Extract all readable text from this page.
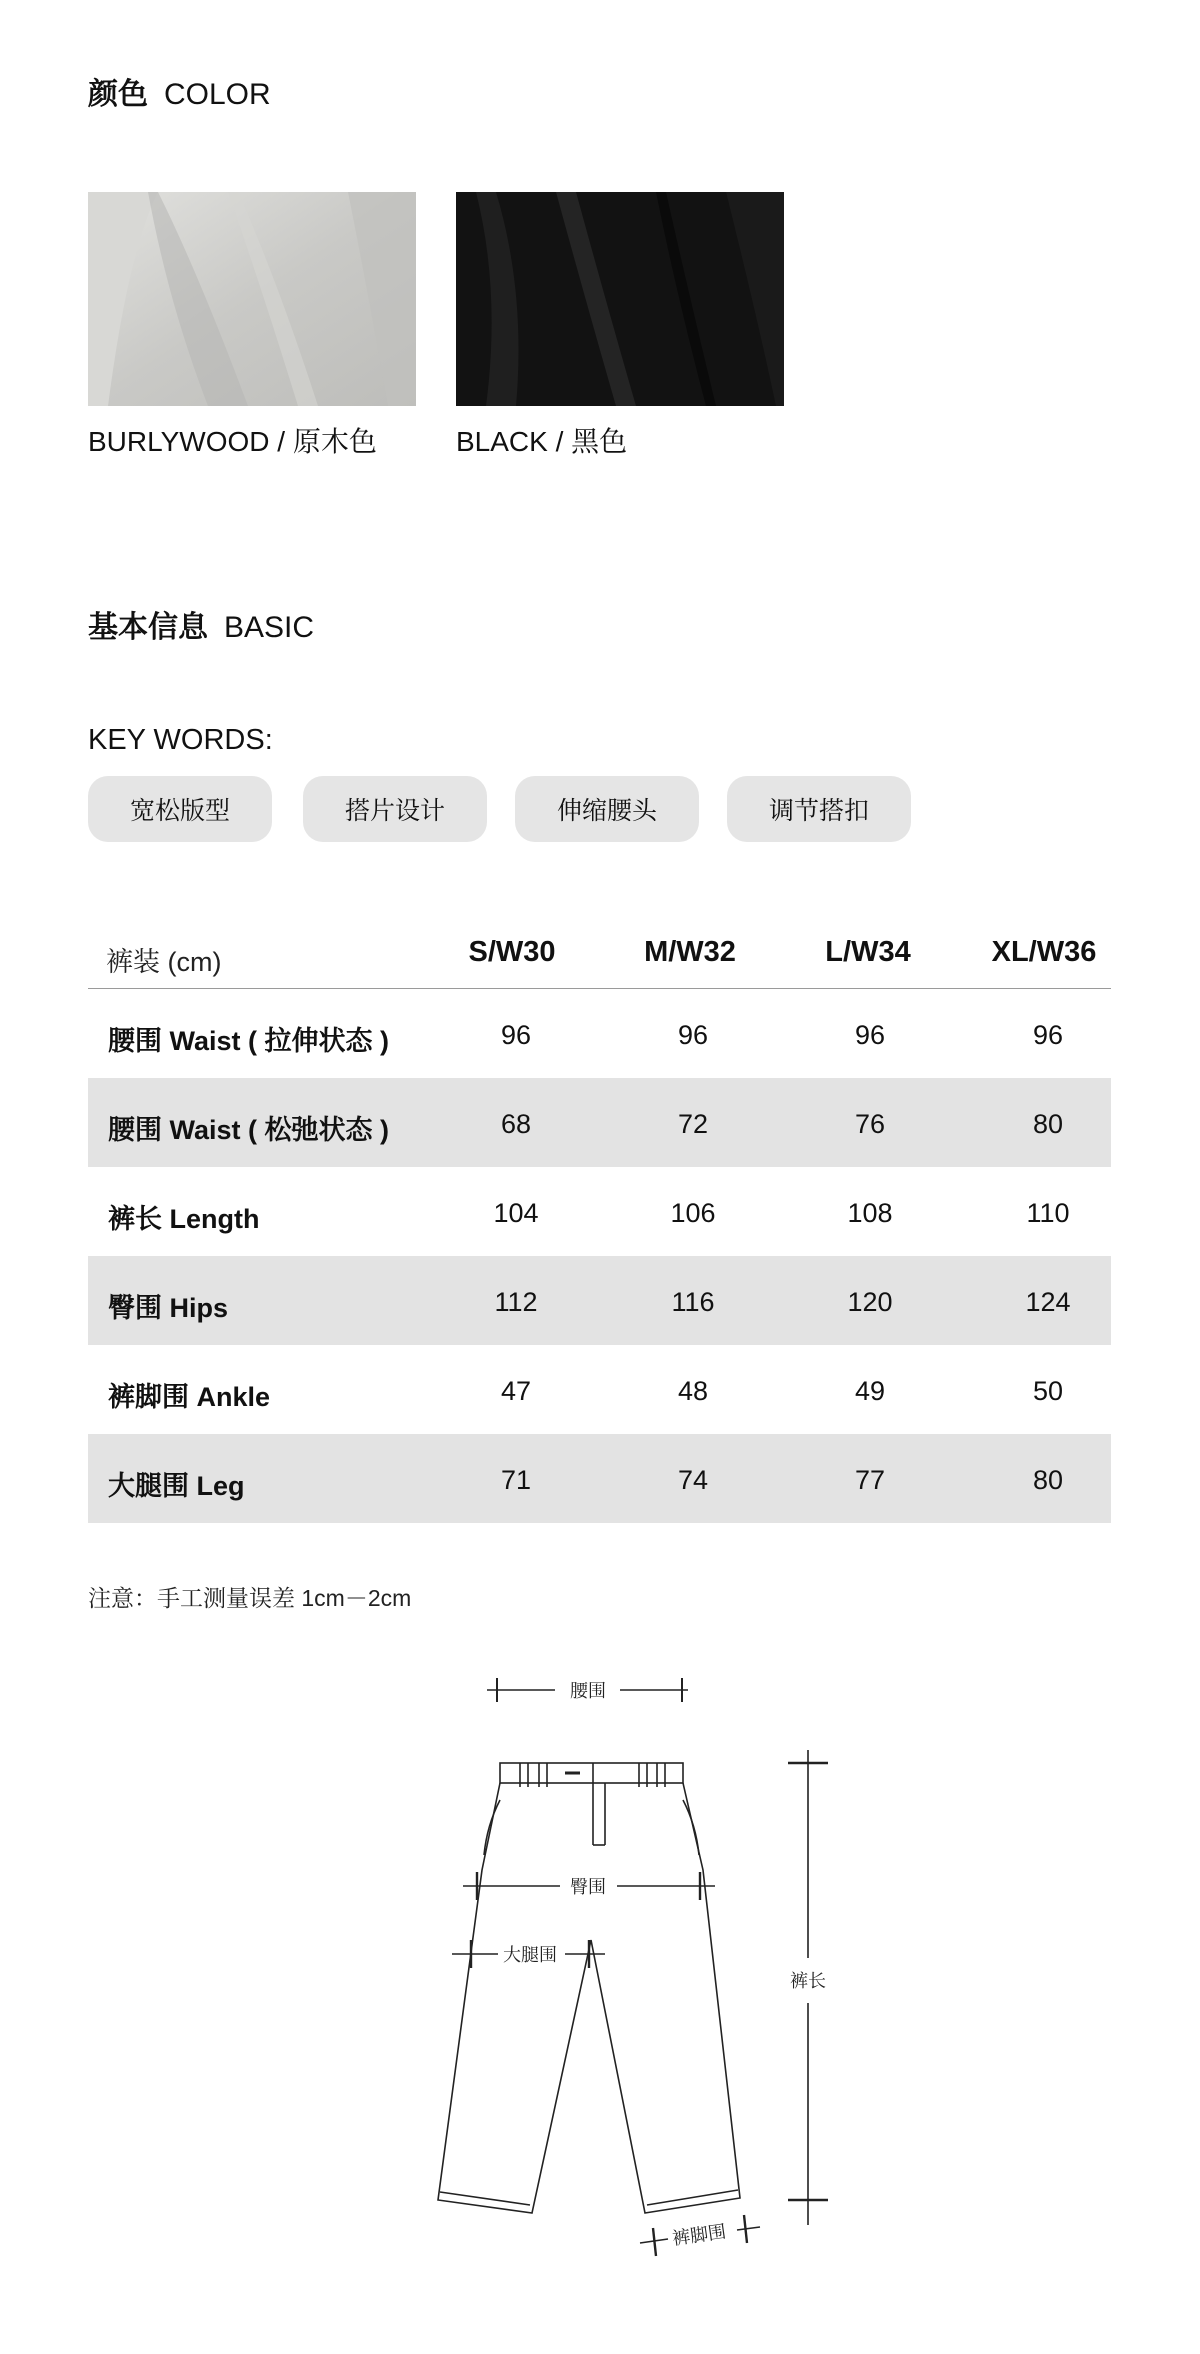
颜色 COLOR
BURLYWOOD / 原木色	BLACK / 黑色
基本信息 BASIC
KEY WORDS:
宽松版型	搭片设计	伸缩腰头	调节搭扣
裤装 (cm)	S/W30	M/W32	L/W34	XL/W36
腰围 Waist ( 拉伸状态 )	96	96	96	96
腰围 Waist ( 松弛状态 )	68	72	76	80
裤长 Length	104	106	108	110
臀围 Hips	112	116	120	124
裤脚围 Ankle	47	48	49	50
大腿围 Leg	71	74	77	80
注意：手工测量误差 1cm－2cm
腰围
臀围
大腿围
裤长
裤脚围
